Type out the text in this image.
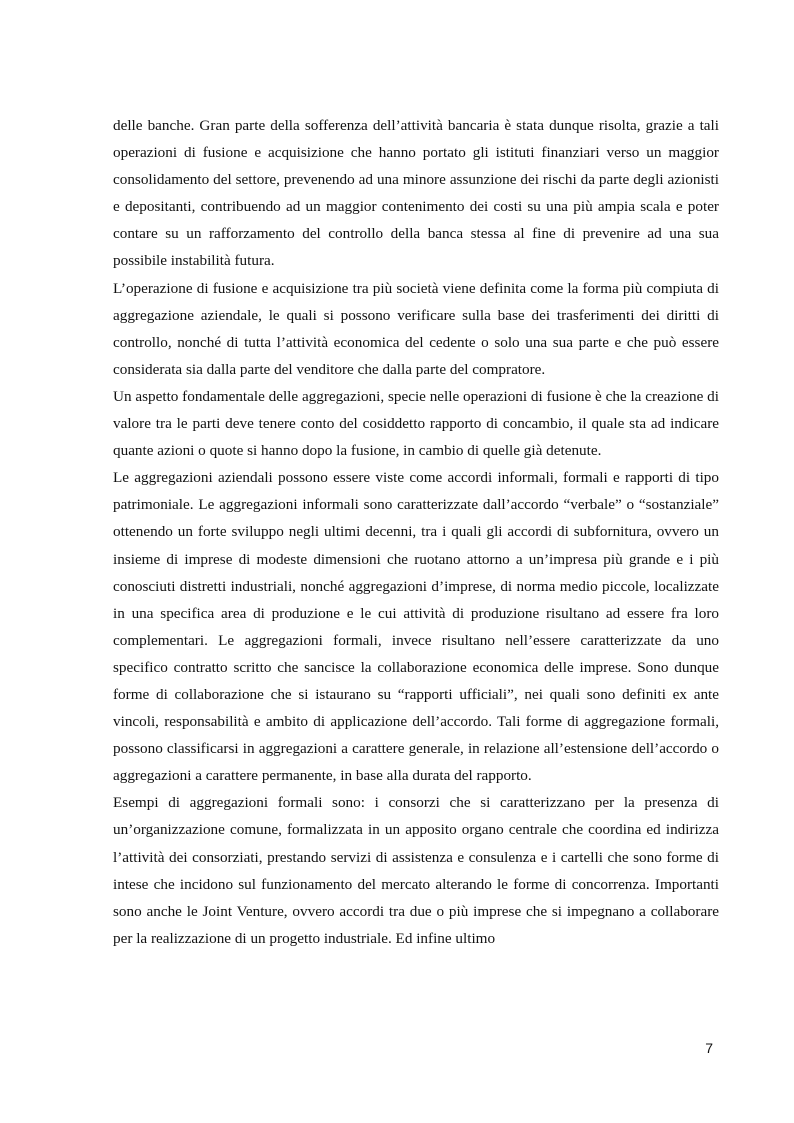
delle banche. Gran parte della sofferenza dell’attività bancaria è stata dunque risolta, grazie a tali operazioni di fusione e acquisizione che hanno portato gli istituti finanziari verso un maggior consolidamento del settore, prevenendo ad una minore assunzione dei rischi da parte degli azionisti e depositanti, contribuendo ad un maggior contenimento dei costi su una più ampia scala e poter contare su un rafforzamento del controllo della banca stessa al fine di prevenire ad una sua possibile instabilità futura.

L’operazione di fusione e acquisizione tra più società viene definita come la forma più compiuta di aggregazione aziendale, le quali si possono verificare sulla base dei trasferimenti dei diritti di controllo, nonché di tutta l’attività economica del cedente o solo una sua parte e che può essere considerata sia dalla parte del venditore che dalla parte del compratore.

Un aspetto fondamentale delle aggregazioni, specie nelle operazioni di fusione è che la creazione di valore tra le parti deve tenere conto del cosiddetto rapporto di concambio, il quale sta ad indicare quante azioni o quote si hanno dopo la fusione, in cambio di quelle già detenute.

Le aggregazioni aziendali possono essere viste come accordi informali, formali e rapporti di tipo patrimoniale. Le aggregazioni informali sono caratterizzate dall’accordo “verbale” o “sostanziale” ottenendo un forte sviluppo negli ultimi decenni, tra i quali gli accordi di subfornitura, ovvero un insieme di imprese di modeste dimensioni che ruotano attorno a un’impresa più grande e i più conosciuti distretti industriali, nonché aggregazioni d’imprese, di norma medio piccole, localizzate in una specifica area di produzione e le cui attività di produzione risultano ad essere fra loro complementari. Le aggregazioni formali, invece risultano nell’essere caratterizzate da uno specifico contratto scritto che sancisce la collaborazione economica delle imprese. Sono dunque forme di collaborazione che si istaurano su “rapporti ufficiali”, nei quali sono definiti ex ante vincoli, responsabilità e ambito di applicazione dell’accordo. Tali forme di aggregazione formali, possono classificarsi in aggregazioni a carattere generale, in relazione all’estensione dell’accordo o aggregazioni a carattere permanente, in base alla durata del rapporto.

Esempi di aggregazioni formali sono: i consorzi che si caratterizzano per la presenza di un’organizzazione comune, formalizzata in un apposito organo centrale che coordina ed indirizza l’attività dei consorziati, prestando servizi di assistenza e consulenza e i cartelli che sono forme di intese che incidono sul funzionamento del mercato alterando le forme di concorrenza. Importanti sono anche le Joint Venture, ovvero accordi tra due o più imprese che si impegnano a collaborare per la realizzazione di un progetto industriale. Ed infine ultimo

7
